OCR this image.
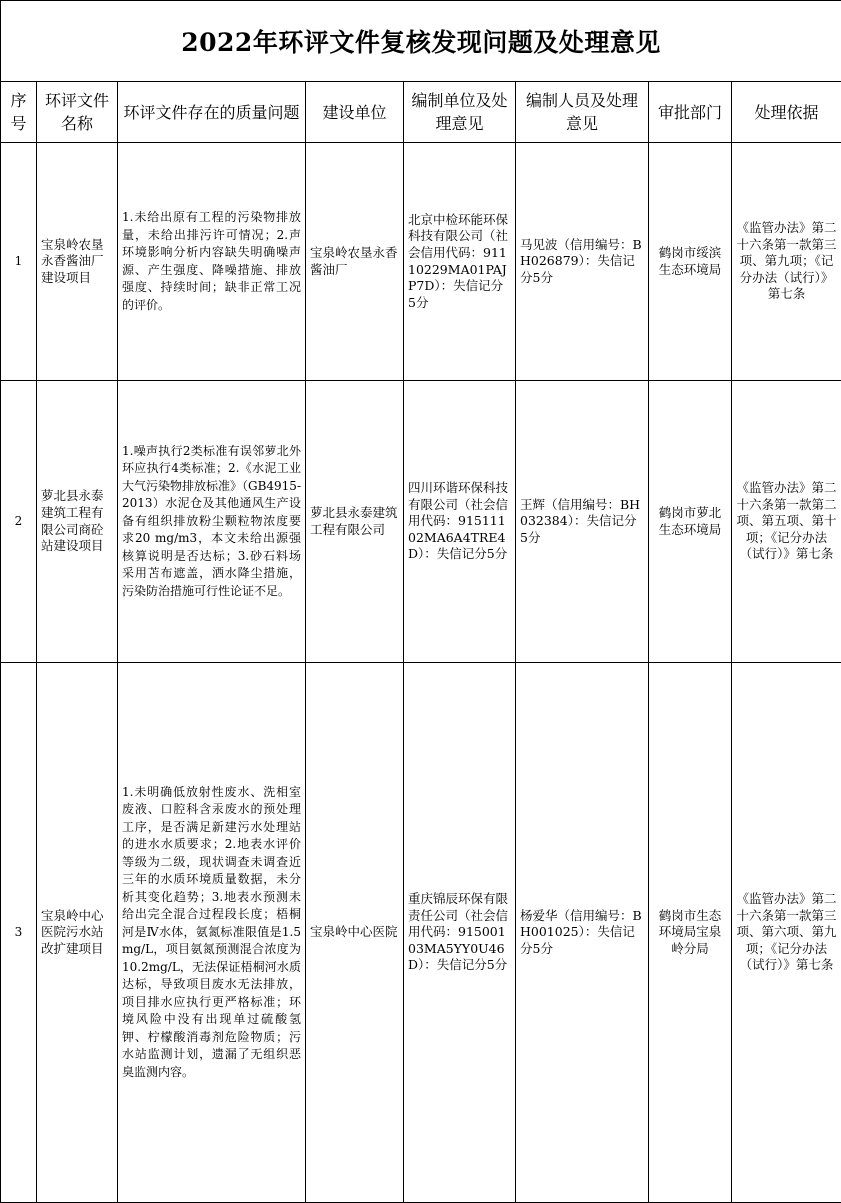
2022年环评文件复核发现问题及处理意见							
序号	环评文件名称	环评文件存在的质量问题	建设单位	编制单位及处理意见	编制人员及处理意见	审批部门	处理依据
1	宝泉岭农垦永香酱油厂建设项目	1.未给出原有工程的污染物排放量，未给出排污许可情况；2.声环境影响分析内容缺失明确噪声源、产生强度、降噪措施、排放强度、持续时间；缺非正常工况的评价。	宝泉岭农垦永香酱油厂	北京中检环能环保科技有限公司（社会信用代码：91110229MA01PAJP7D）：失信记分5分	马见波（信用编号：BH026879）：失信记分5分	鹤岗市绥滨生态环境局	《监管办法》第二十六条第一款第三项、第九项；《记分办法（试行）》第七条
2	萝北县永泰建筑工程有限公司商砼站建设项目	1.噪声执行2类标准有误邻萝北外环应执行4类标准；2.《水泥工业大气污染物排放标准》（GB4915-2013）水泥仓及其他通风生产设备有组织排放粉尘颗粒物浓度要求20 mg/m3，本文未给出源强核算说明是否达标；3.砂石料场采用苫布遮盖，洒水降尘措施，污染防治措施可行性论证不足。	萝北县永泰建筑工程有限公司	四川环谐环保科技有限公司（社会信用代码：91511102MA6A4TRE4D）：失信记分5分	王辉（信用编号：BH032384）：失信记分5分	鹤岗市萝北生态环境局	《监管办法》第二十六条第一款第二项、第五项、第十项；《记分办法（试行）》第七条
3	宝泉岭中心医院污水站改扩建项目	1.未明确低放射性废水、洗相室废液、口腔科含汞废水的预处理工序，是否满足新建污水处理站的进水水质要求；2.地表水评价等级为二级，现状调查未调查近三年的水质环境质量数据，未分析其变化趋势；3.地表水预测未给出完全混合过程段长度；梧桐河是Ⅳ水体，氨氮标准限值是1.5mg/L，项目氨氮预测混合浓度为10.2mg/L，无法保证梧桐河水质达标，导致项目废水无法排放，项目排水应执行更严格标准；环境风险中没有出现单过硫酸氢钾、柠檬酸消毒剂危险物质；污水站监测计划，遗漏了无组织恶臭监测内容。	宝泉岭中心医院	重庆锦辰环保有限责任公司（社会信用代码：91500103MA5YY0U46D）：失信记分5分	杨爱华（信用编号：BH001025）：失信记分5分	鹤岗市生态环境局宝泉岭分局	《监管办法》第二十六条第一款第三项、第六项、第九项；《记分办法（试行）》第七条
